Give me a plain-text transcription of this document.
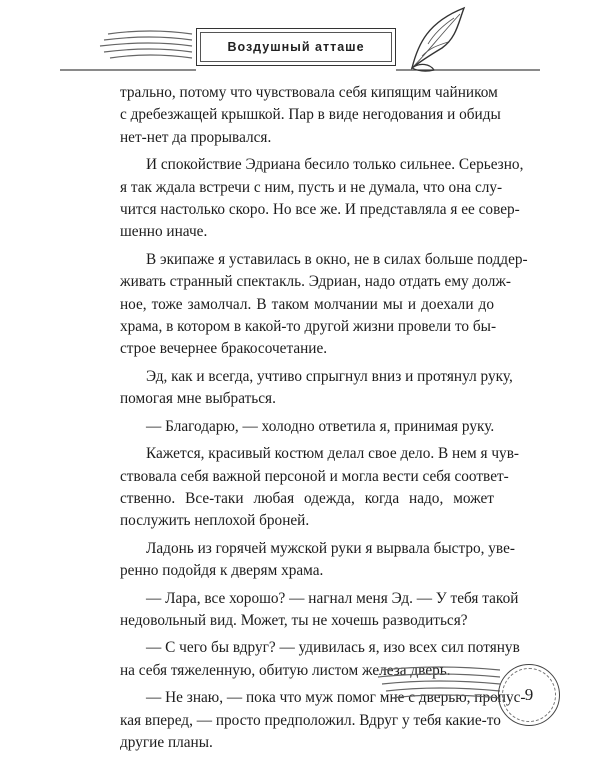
Воздушный атташе
трально, потому что чувствовала себя кипящим чайником
с дребезжащей крышкой. Пар в виде негодования и обиды
нет-нет да прорывался.
И спокойствие Эдриана бесило только сильнее. Серьезно,
я так ждала встречи с ним, пусть и не думала, что она слу-
чится настолько скоро. Но все же. И представляла я ее совер-
шенно иначе.
В экипаже я уставилась в окно, не в силах больше поддер-
живать странный спектакль. Эдриан, надо отдать ему долж-
ное, тоже замолчал. В таком молчании мы и доехали до
храма, в котором в какой-то другой жизни провели то бы-
строе вечернее бракосочетание.
Эд, как и всегда, учтиво спрыгнул вниз и протянул руку,
помогая мне выбраться.
— Благодарю, — холодно ответила я, принимая руку.
Кажется, красивый костюм делал свое дело. В нем я чув-
ствовала себя важной персоной и могла вести себя соответ-
ственно. Все-таки любая одежда, когда надо, может
послужить неплохой броней.
Ладонь из горячей мужской руки я вырвала быстро, уве-
ренно подойдя к дверям храма.
— Лара, все хорошо? — нагнал меня Эд. — У тебя такой
недовольный вид. Может, ты не хочешь разводиться?
— С чего бы вдруг? — удивилась я, изо всех сил потянув
на себя тяжеленную, обитую листом железа дверь.
— Не знаю, — пока что муж помог мне с дверью, пропус-
кая вперед, — просто предположил. Вдруг у тебя какие-то
другие планы.
9
